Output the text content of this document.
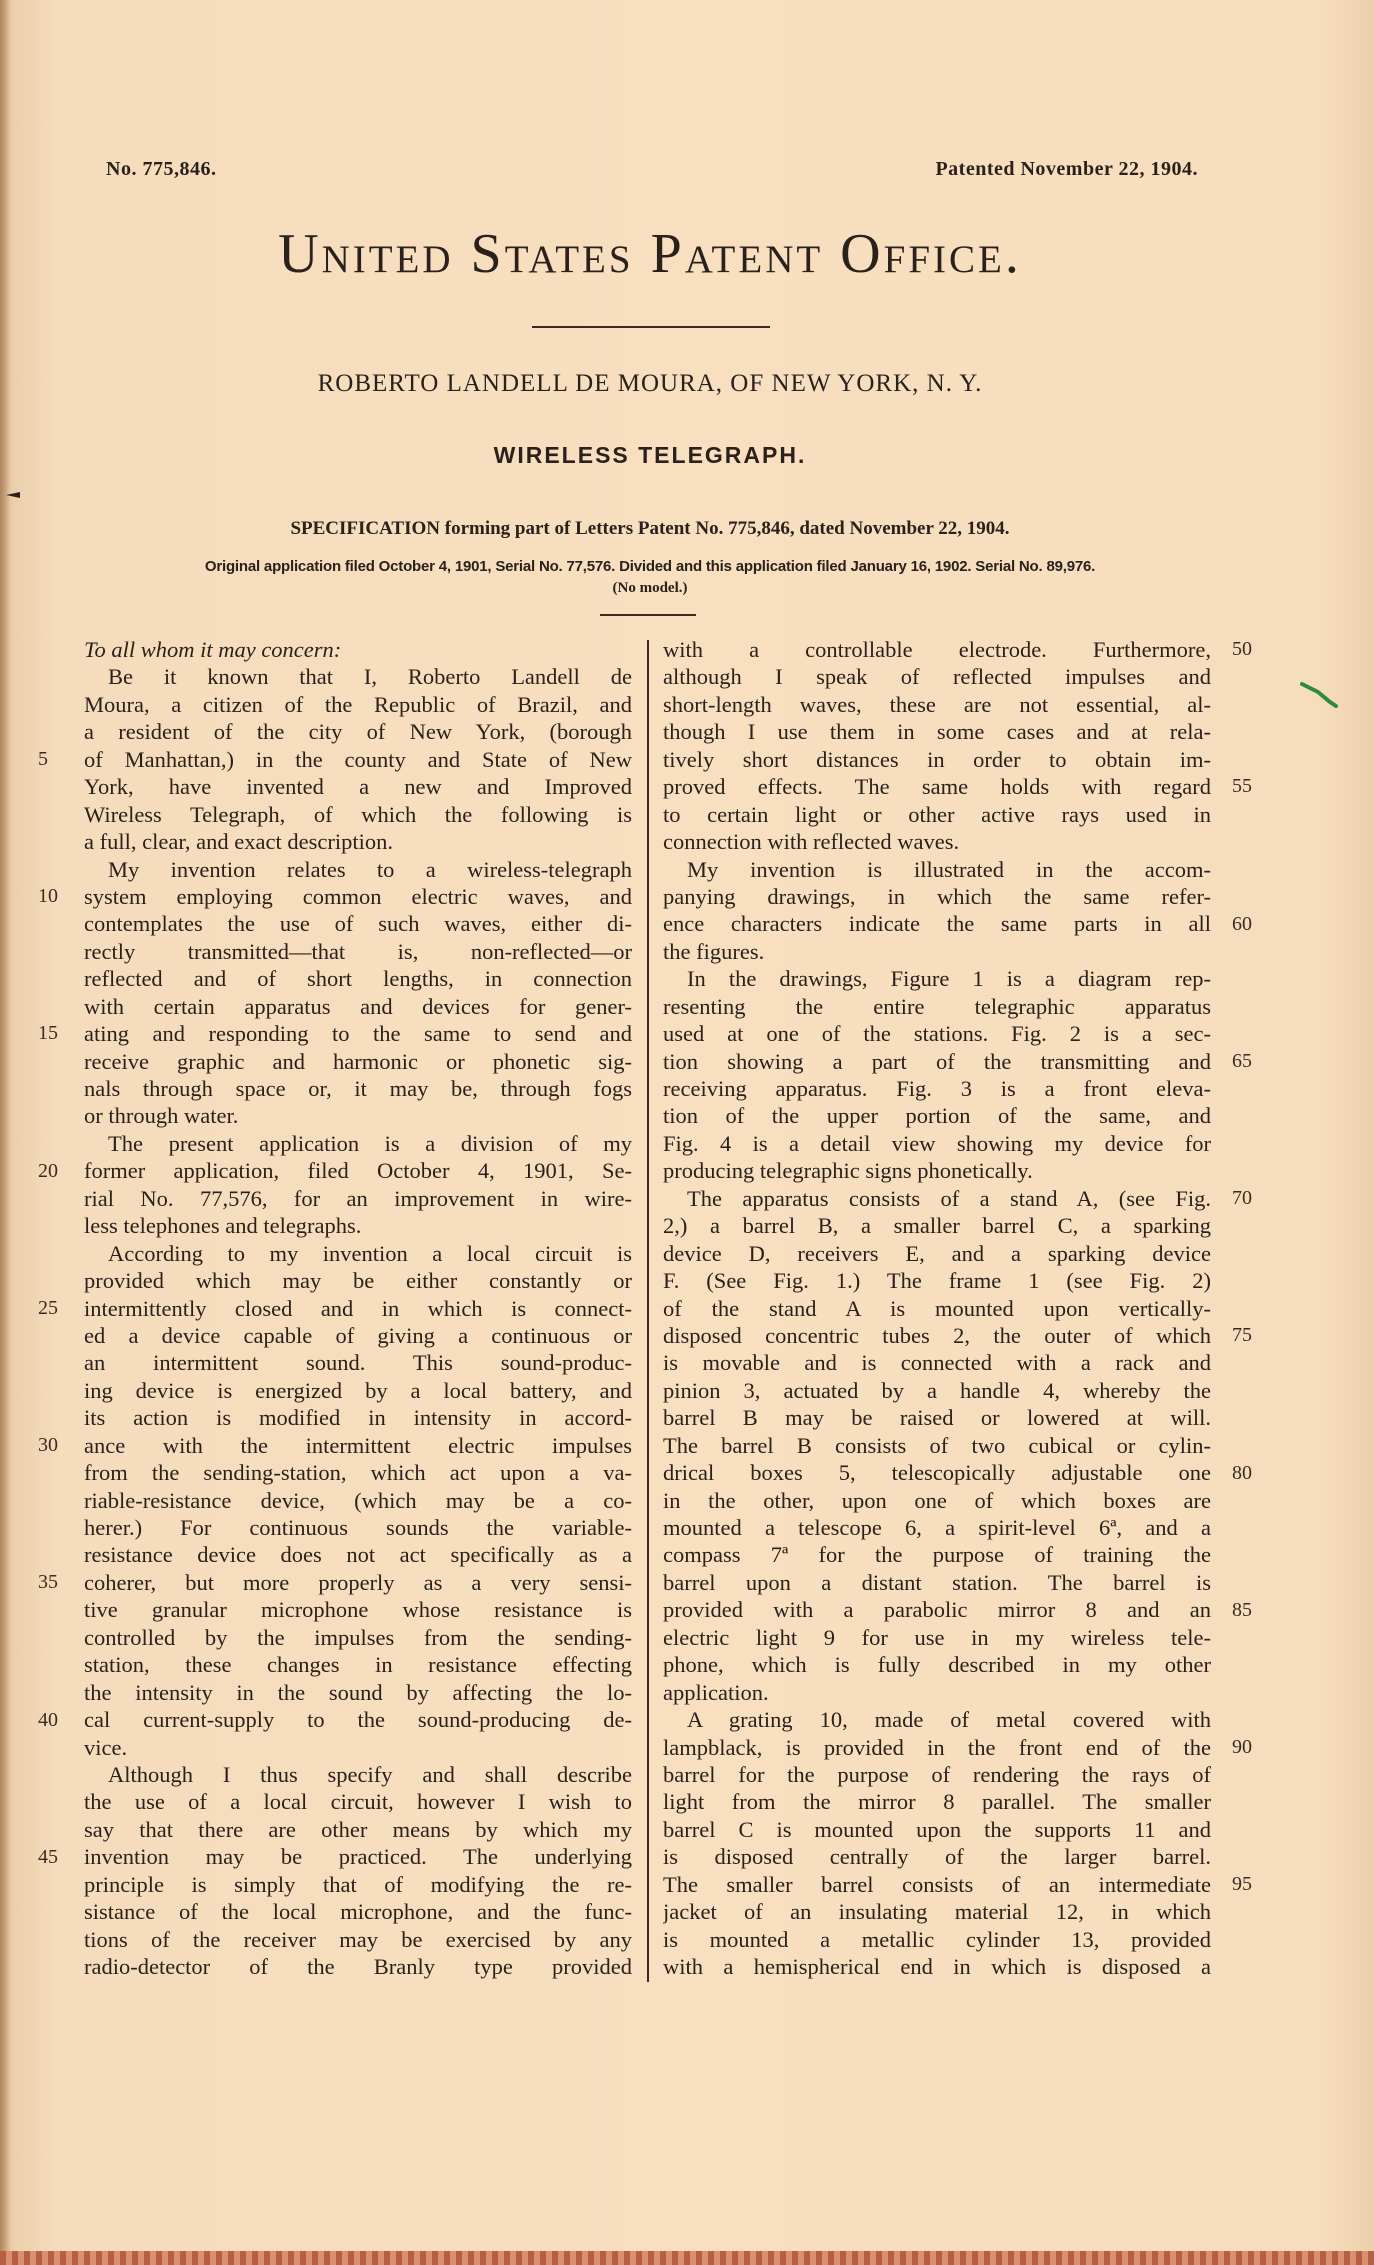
No. 775,846.	Patented November 22, 1904.
United States Patent Office.
ROBERTO LANDELL DE MOURA, OF NEW YORK, N. Y.
WIRELESS TELEGRAPH.
SPECIFICATION forming part of Letters Patent No. 775,846, dated November 22, 1904.
Original application filed October 4, 1901, Serial No. 77,576. Divided and this application filed January 16, 1902. Serial No. 89,976.
(No model.)
To all whom it may concern:
Be it known that I, Roberto Landell de
Moura, a citizen of the Republic of Brazil, and
a resident of the city of New York, (borough
of Manhattan,) in the county and State of New
York, have invented a new and Improved
Wireless Telegraph, of which the following is
a full, clear, and exact description.
My invention relates to a wireless-telegraph
system employing common electric waves, and
contemplates the use of such waves, either di-
rectly transmitted—that is, non-reflected—or
reflected and of short lengths, in connection
with certain apparatus and devices for gener-
ating and responding to the same to send and
receive graphic and harmonic or phonetic sig-
nals through space or, it may be, through fogs
or through water.
The present application is a division of my
former application, filed October 4, 1901, Se-
rial No. 77,576, for an improvement in wire-
less telephones and telegraphs.
According to my invention a local circuit is
provided which may be either constantly or
intermittently closed and in which is connect-
ed a device capable of giving a continuous or
an intermittent sound. This sound-produc-
ing device is energized by a local battery, and
its action is modified in intensity in accord-
ance with the intermittent electric impulses
from the sending-station, which act upon a va-
riable-resistance device, (which may be a co-
herer.) For continuous sounds the variable-
resistance device does not act specifically as a
coherer, but more properly as a very sensi-
tive granular microphone whose resistance is
controlled by the impulses from the sending-
station, these changes in resistance effecting
the intensity in the sound by affecting the lo-
cal current-supply to the sound-producing de-
vice.
Although I thus specify and shall describe
the use of a local circuit, however I wish to
say that there are other means by which my
invention may be practiced. The underlying
principle is simply that of modifying the re-
sistance of the local microphone, and the func-
tions of the receiver may be exercised by any
radio-detector of the Branly type provided
with a controllable electrode. Furthermore,
although I speak of reflected impulses and
short-length waves, these are not essential, al-
though I use them in some cases and at rela-
tively short distances in order to obtain im-
proved effects. The same holds with regard
to certain light or other active rays used in
connection with reflected waves.
My invention is illustrated in the accom-
panying drawings, in which the same refer-
ence characters indicate the same parts in all
the figures.
In the drawings, Figure 1 is a diagram rep-
resenting the entire telegraphic apparatus
used at one of the stations. Fig. 2 is a sec-
tion showing a part of the transmitting and
receiving apparatus. Fig. 3 is a front eleva-
tion of the upper portion of the same, and
Fig. 4 is a detail view showing my device for
producing telegraphic signs phonetically.
The apparatus consists of a stand A, (see Fig.
2,) a barrel B, a smaller barrel C, a sparking
device D, receivers E, and a sparking device
F. (See Fig. 1.) The frame 1 (see Fig. 2)
of the stand A is mounted upon vertically-
disposed concentric tubes 2, the outer of which
is movable and is connected with a rack and
pinion 3, actuated by a handle 4, whereby the
barrel B may be raised or lowered at will.
The barrel B consists of two cubical or cylin-
drical boxes 5, telescopically adjustable one
in the other, upon one of which boxes are
mounted a telescope 6, a spirit-level 6ª, and a
compass 7ª for the purpose of training the
barrel upon a distant station. The barrel is
provided with a parabolic mirror 8 and an
electric light 9 for use in my wireless tele-
phone, which is fully described in my other
application.
A grating 10, made of metal covered with
lampblack, is provided in the front end of the
barrel for the purpose of rendering the rays of
light from the mirror 8 parallel. The smaller
barrel C is mounted upon the supports 11 and
is disposed centrally of the larger barrel.
The smaller barrel consists of an intermediate
jacket of an insulating material 12, in which
is mounted a metallic cylinder 13, provided
with a hemispherical end in which is disposed a
5
10
15
20
25
30
35
40
45
50
55
60
65
70
75
80
85
90
95
